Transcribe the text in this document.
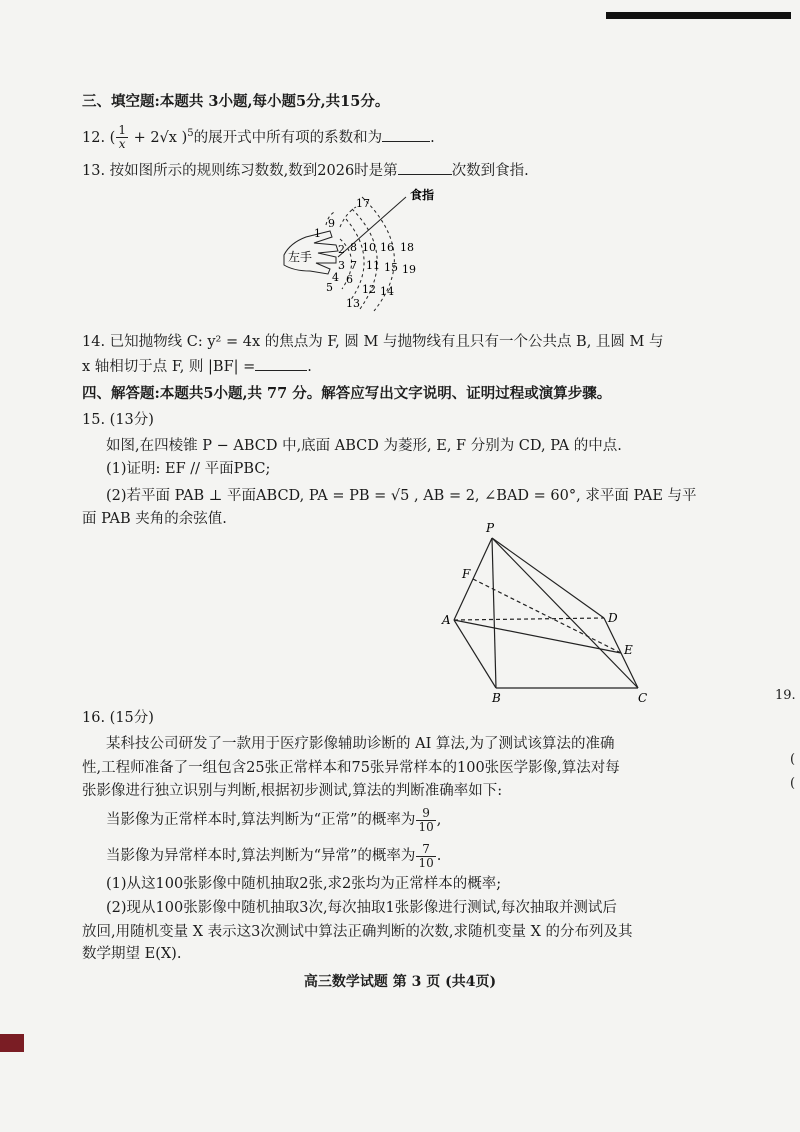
三、填空题:本题共 3小题,每小题5分,共15分。
12. ( $\frac{1}{x} + 2√x$ )$^5$的展开式中所有项的系数和为	.
13. 按如图所示的规则练习数数,数到2026时是第	次数到食指.
食指
左手
1
9
17
2 8 10 16 18
3 7 11 15 19
4 6
12 14
5
13
14. 已知抛物线 C: y² = 4x 的焦点为 F, 圆 M 与抛物线有且只有一个公共点 B, 且圆 M 与
x 轴相切于点 F, 则 |BF| =	.
四、解答题:本题共5小题,共 77 分。解答应写出文字说明、证明过程或演算步骤。
15. (13分)
如图,在四棱锥 P − ABCD 中,底面 ABCD 为菱形, E, F 分别为 CD, PA 的中点.
(1)证明: EF // 平面PBC;
(2)若平面 PAB ⊥ 平面ABCD, PA = PB = √5 , AB = 2, ∠BAD = 60°, 求平面 PAE 与平
面 PAB 夹角的余弦值.
P
F
A	D
E
B	C
16. (15分)
某科技公司研发了一款用于医疗影像辅助诊断的 AI 算法,为了测试该算法的准确
性,工程师准备了一组包含25张正常样本和75张异常样本的100张医学影像,算法对每
张影像进行独立识别与判断,根据初步测试,算法的判断准确率如下:
当影像为正常样本时,算法判断为“正常”的概率为 $\frac{9}{10}$ ,
当影像为异常样本时,算法判断为“异常”的概率为 $\frac{7}{10}$ .
(1)从这100张影像中随机抽取2张,求2张均为正常样本的概率;
(2)现从100张影像中随机抽取3次,每次抽取1张影像进行测试,每次抽取并测试后
放回,用随机变量 X 表示这3次测试中算法正确判断的次数,求随机变量 X 的分布列及其
数学期望 E(X).
高三数学试题 第 3 页 (共4页)
19.
(
(
